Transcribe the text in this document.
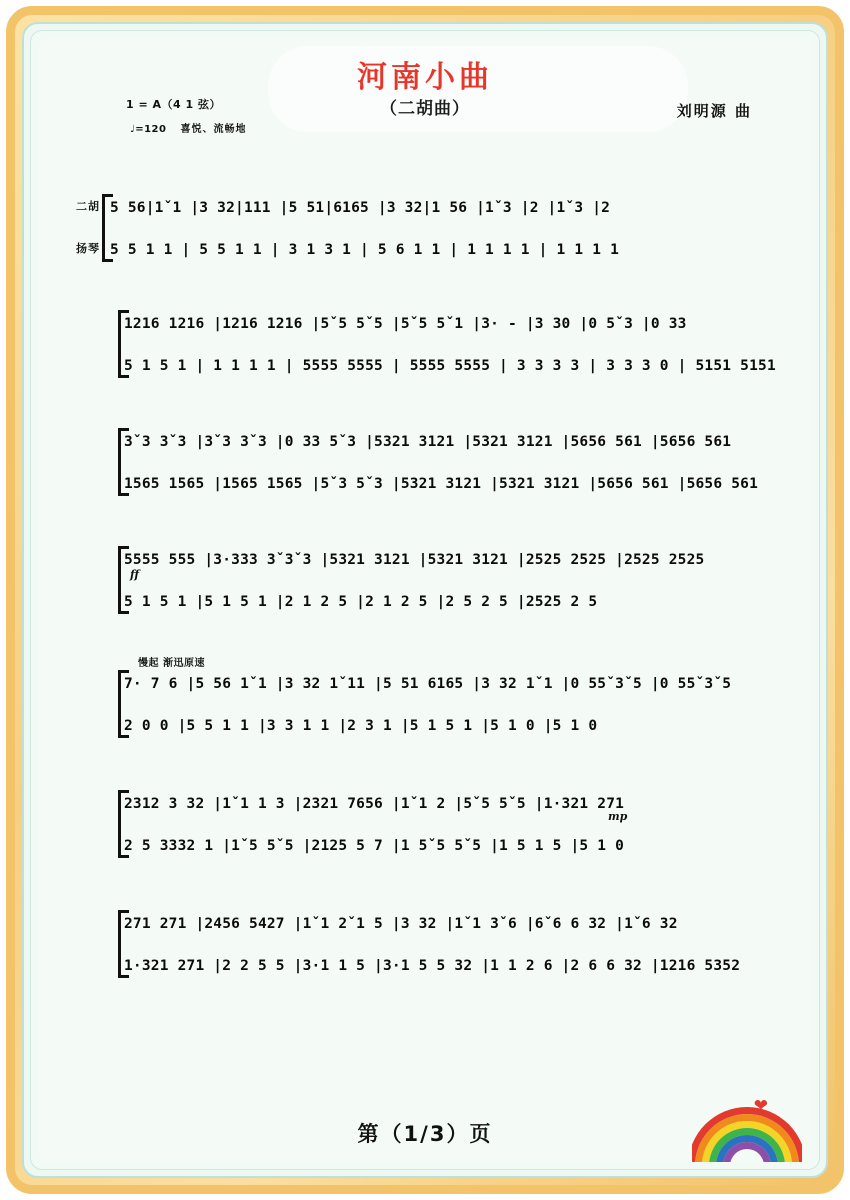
河南小曲
（二胡曲）	刘明源 曲
1 = A（4 1 弦）
♩=120 喜悦、流畅地
二胡 5 56|1ˇ1 |3 32|111 |5 51|6165 |3 32|1 56 |1ˇ3 |2 |1ˇ3 |2
扬琴 5 5 1 1 | 5 5 1 1 | 3 1 3 1 | 5 6 1 1 | 1 1 1 1 | 1 1 1 1
1216 1216 |1216 1216 |5ˇ5 5ˇ5 |5ˇ5 5ˇ1 |3· - |3 30 |0 5ˇ3 |0 33
5 1 5 1 | 1 1 1 1 | 5555 5555 | 5555 5555 | 3 3 3 3 | 3 3 3 0 | 5151 5151
3ˇ3 3ˇ3 |3ˇ3 3ˇ3 |0 33 5ˇ3 |5321 3121 |5321 3121 |5656 561 |5656 561
1565 1565 |1565 1565 |5ˇ3 5ˇ3 |5321 3121 |5321 3121 |5656 561 |5656 561
ff
5555 555 |3·333 3ˇ3ˇ3 |5321 3121 |5321 3121 |2525 2525 |2525 2525
5 1 5 1 |5 1 5 1 |2 1 2 5 |2 1 2 5 |2 5 2 5 |2525 2 5
慢起 渐迅原速
7· 7 6 |5 56 1ˇ1 |3 32 1ˇ11 |5 51 6165 |3 32 1ˇ1 |0 55ˇ3ˇ5 |0 55ˇ3ˇ5
2 0 0 |5 5 1 1 |3 3 1 1 |2 3 1 |5 1 5 1 |5 1 0 |5 1 0
mp
2312 3 32 |1ˇ1 1 3 |2321 7656 |1ˇ1 2 |5ˇ5 5ˇ5 |1·321 271
2 5 3332 1 |1ˇ5 5ˇ5 |2125 5 7 |1 5ˇ5 5ˇ5 |1 5 1 5 |5 1 0
271 271 |2456 5427 |1ˇ1 2ˇ1 5 |3 32 |1ˇ1 3ˇ6 |6ˇ6 6 32 |1ˇ6 32
1·321 271 |2 2 5 5 |3·1 1 5 |3·1 5 5 32 |1 1 2 6 |2 6 6 32 |1216 5352
第（1/3）页
❤
